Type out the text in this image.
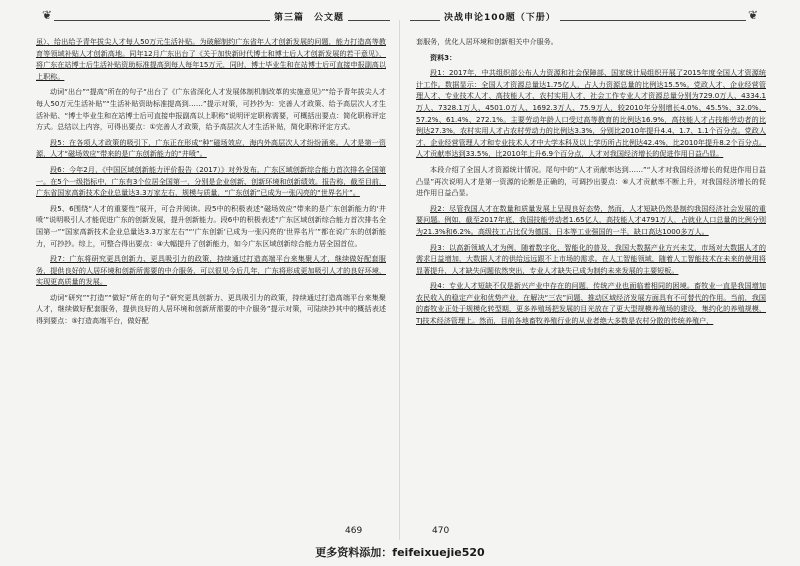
❦	第三篇　公文题	决战申论100题（下册）	❦

虽）、给出给予青年拔尖人才每人50万元生活补贴。为破解制约广东省年人才创新发展的问题，能力打造高等教育等领域补贴人才创新高地。同年12月广东出台了《关于加快新时代博士和博士后人才创新发展的若干意见》，将广东在站博士后生活补贴资助标准提高到每人每年15万元，同时，博士毕业生和在站博士后可直接申报副高以上职称。

动词“出台”“提高”所在的句子“出台了《广东省深化人才发展体制机制改革的实施意见》”“给予青年拔尖人才每人50万元生活补贴”“生活补贴资助标准提高到……”提示对策，可抄抄为：完善人才政策、给予高层次人才生活补贴、“博士毕业生和在站博士后可直接申报副高以上职称”说明评定职称需要，可概括出要点：简化职称评定方式。总结以上内容，可得出要点：①完善人才政策，给予高层次人才生活补贴，简化职称评定方式。

段5：在各项人才政策的吸引下，广东正在形成“种”磁场效应，海内外高层次人才纷纷涌来。人才是第一资源，人才“磁场效应”带来的是广东创新能力的“井喷”。

段6：今年2月，《中国区域创新能力评价报告（2017）》对外发布，广东区域创新综合能力首次排名全国第一。在5个一级指标中，广东有3个位居全国第一，分别是企业创新、创新环境和创新绩效。报告称，截至目前，广东省国家高新技术企业总量达3.3万家左右，规模与质量，“广东创新”已成为一张闪亮的“世界名片”。

段5、6围绕“人才的重要性”展开，可合并阅读。段5中的积极表述“磁场效应”带来的是广东创新能力的‘井喷’”说明吸引人才能促进广东的创新发展，提升创新能力。段6中的积极表述“广东区域创新综合能力首次排名全国第一”“国家高新技术企业总量达3.3万家左右”“‘广东创新’已成为一张闪亮的‘世界名片’”都在说广东的创新能力，可抄抄。综上，可整合得出要点：④大幅提升了创新能力，如今广东区域创新综合能力居全国首位。

段7：广东将研究更具创新力、更具吸引力的政策，持续通过打造高端平台来集聚人才，继续做好配套服务，提供良好的人居环境和创新所需要的中介服务，可以很见今后几年，广东将形成更加吸引人才的良好环境，实现更高质量的发展。

动词“研究”“打造”“做好”所在的句子“研究更具创新力、更具吸引力的政策，持续通过打造高端平台来集聚人才，继续做好配套服务，提供良好的人居环境和创新所需要的中介服务”提示对策，可陆续抄其中的概括表述得到要点：⑤打造高端平台，做好配

套服务，优化人居环境和创新相关中介服务。

资料3：

段1：2017年，中共组织部公布人力资源和社会保障部、国家统计局组织开展了2015年度全国人才资源统计工作。数据显示：全国人才资源总量达1.75亿人，占人力资源总量的比例达15.5%。党政人才、企业经营管理人才、专业技术人才、高技能人才、农村实用人才、社会工作专业人才资源总量分别为729.0万人、4334.1万人、7328.1万人、4501.0万人、1692.3万人、75.9万人，较2010年分别增长4.0%、45.5%、32.0%、57.2%、61.4%、272.1%。主要劳动年龄人口受过高等教育的比例达16.9%，高技能人才占技能劳动者的比例达27.3%，农村实用人才占农村劳动力的比例达3.3%，分别比2010年提升4.4、1.7、1.1个百分点。党政人才、企业经营管理人才和专业技术人才中大学本科及以上学历所占比例达42.4%，比2010年提升8.2个百分点。人才贡献率达到33.5%，比2010年上升6.9个百分点，人才对我国经济增长的促进作用日益凸显。

本段介绍了全国人才资源统计情况。尾句中的“人才贡献率达到……”“人才对我国经济增长的促进作用日益凸显”再次说明人才是第一资源的论断是正确的，可调抄出要点：⑥人才贡献率不断上升，对我国经济增长的促进作用日益凸显。

段2：尽管我国人才在数量和质量发展上呈现良好态势，然而，人才短缺仍然是制约我国经济社会发展的重要问题。例如，截至2017年底，我国技能劳动者1.65亿人，高技能人才4791万人，占就业人口总量的比例分别为21.3%和6.2%。高级技工占比仅为德国、日本等工业强国的一半，缺口高达1000多万人。

段3：以高新领域人才为例，随着数字化、智能化的普及，我国大数据产业方兴未艾，市场对大数据人才的需求日益增加，大数据人才的供给远远跟不上市场的需求。在人工智能领域，随着人工智能技术在未来的使用将显著提升，人才缺失问题依然突出，专业人才缺失已成为制约未来发展的主要短板。

段4：专业人才短缺不仅是新兴产业中存在的问题，传统产业也面临着相同的困境。畜牧业一直是我国增加农民收入的稳定产业和优势产业，在解决“三农”问题、推动区域经济发展方面具有不可替代的作用。当前，我国的畜牧业正处于规模化转型期，更多养殖场把发展的目光放在了更大型规模养殖场的建设，集约化的养殖规模，TJ技术经济管理上。然而，目前各地畜牧养殖行业的从业者绝大多数是农村分散的传统养殖户，

469	470
更多资料添加：feifeixuejie520
